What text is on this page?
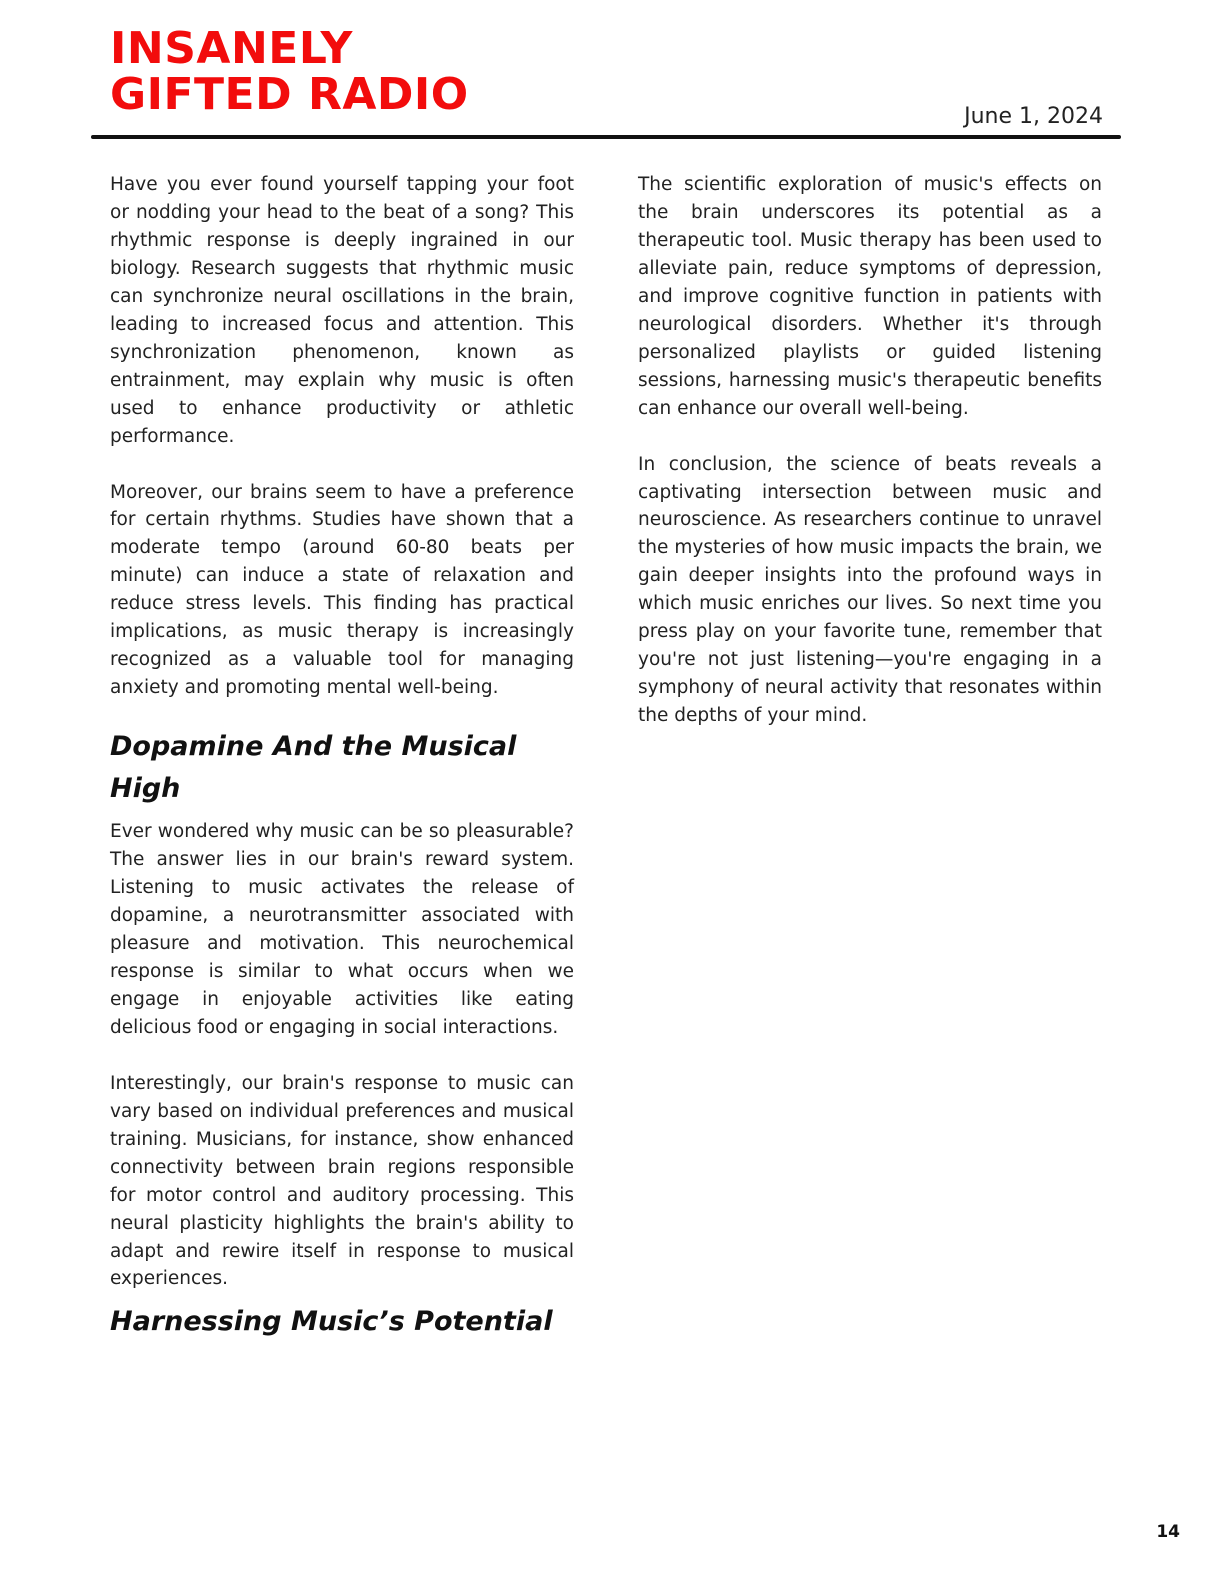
INSANELY
GIFTED RADIO	June 1, 2024

Have you ever found yourself tapping your foot or nodding your head to the beat of a song? This rhythmic response is deeply ingrained in our biology. Research suggests that rhythmic music can synchronize neural oscillations in the brain, leading to increased focus and attention. This synchronization phenomenon, known as entrainment, may explain why music is often used to enhance productivity or athletic performance.

Moreover, our brains seem to have a preference for certain rhythms. Studies have shown that a moderate tempo (around 60-80 beats per minute) can induce a state of relaxation and reduce stress levels. This finding has practical implications, as music therapy is increasingly recognized as a valuable tool for managing anxiety and promoting mental well-being.

Dopamine And the Musical High

Ever wondered why music can be so pleasurable? The answer lies in our brain's reward system. Listening to music activates the release of dopamine, a neurotransmitter associated with pleasure and motivation. This neurochemical response is similar to what occurs when we engage in enjoyable activities like eating delicious food or engaging in social interactions.

Interestingly, our brain's response to music can vary based on individual preferences and musical training. Musicians, for instance, show enhanced connectivity between brain regions responsible for motor control and auditory processing. This neural plasticity highlights the brain's ability to adapt and rewire itself in response to musical experiences.

Harnessing Music’s Potential

The scientific exploration of music's effects on the brain underscores its potential as a therapeutic tool. Music therapy has been used to alleviate pain, reduce symptoms of depression, and improve cognitive function in patients with neurological disorders. Whether it's through personalized playlists or guided listening sessions, harnessing music's therapeutic benefits can enhance our overall well-being.

In conclusion, the science of beats reveals a captivating intersection between music and neuroscience. As researchers continue to unravel the mysteries of how music impacts the brain, we gain deeper insights into the profound ways in which music enriches our lives. So next time you press play on your favorite tune, remember that you're not just listening—you're engaging in a symphony of neural activity that resonates within the depths of your mind.

14
